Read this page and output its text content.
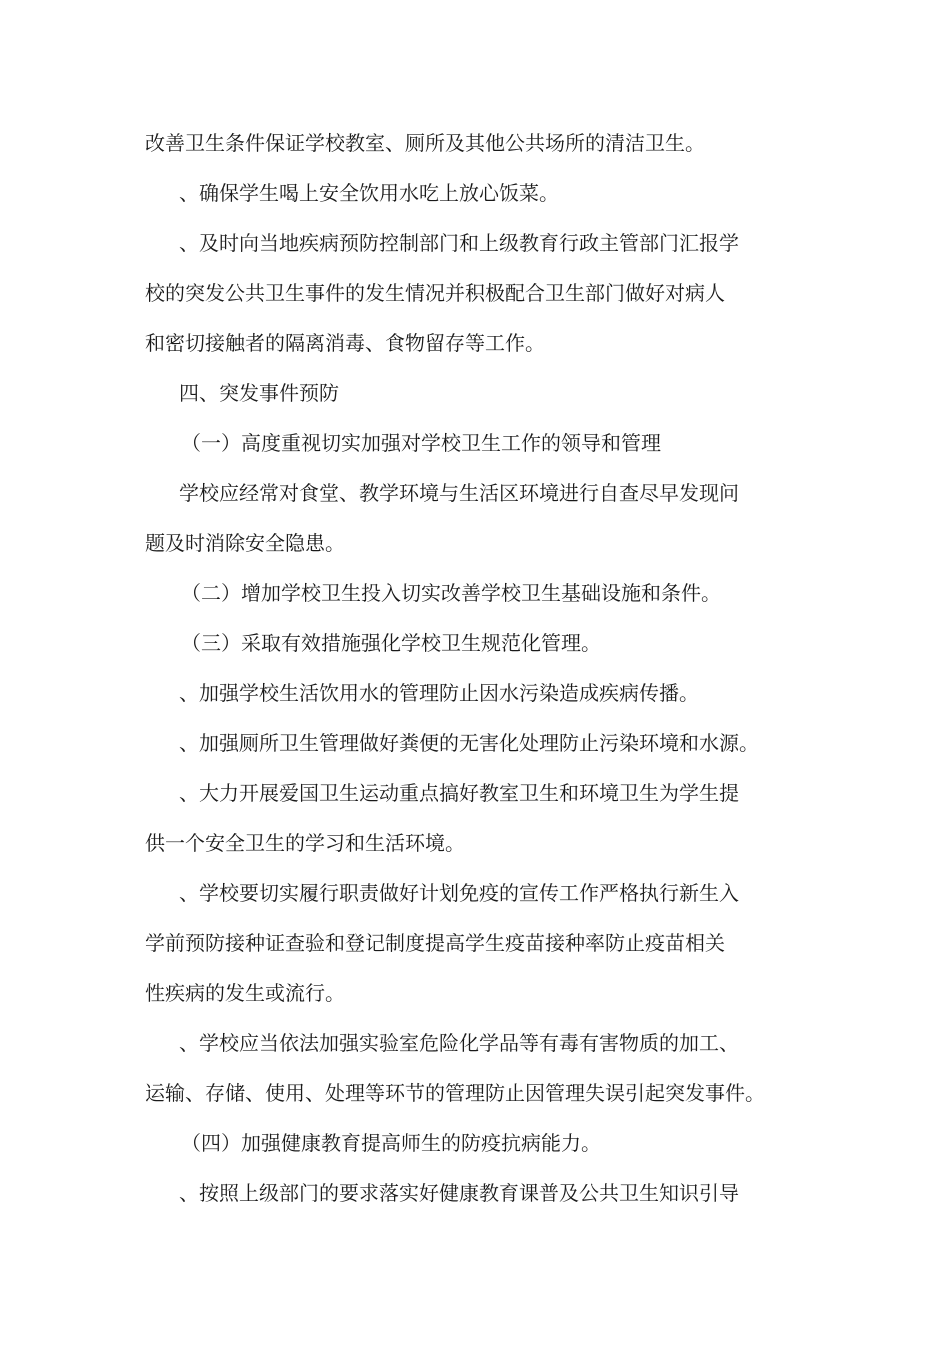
改善卫生条件保证学校教室、厕所及其他公共场所的清洁卫生。
、确保学生喝上安全饮用水吃上放心饭菜。
、及时向当地疾病预防控制部门和上级教育行政主管部门汇报学
校的突发公共卫生事件的发生情况并积极配合卫生部门做好对病人
和密切接触者的隔离消毒、食物留存等工作。
四、突发事件预防
（一）高度重视切实加强对学校卫生工作的领导和管理
学校应经常对食堂、教学环境与生活区环境进行自查尽早发现问
题及时消除安全隐患。
（二）增加学校卫生投入切实改善学校卫生基础设施和条件。
（三）采取有效措施强化学校卫生规范化管理。
、加强学校生活饮用水的管理防止因水污染造成疾病传播。
、加强厕所卫生管理做好粪便的无害化处理防止污染环境和水源。
、大力开展爱国卫生运动重点搞好教室卫生和环境卫生为学生提
供一个安全卫生的学习和生活环境。
、学校要切实履行职责做好计划免疫的宣传工作严格执行新生入
学前预防接种证查验和登记制度提高学生疫苗接种率防止疫苗相关
性疾病的发生或流行。
、学校应当依法加强实验室危险化学品等有毒有害物质的加工、
运输、存储、使用、处理等环节的管理防止因管理失误引起突发事件。
（四）加强健康教育提高师生的防疫抗病能力。
、按照上级部门的要求落实好健康教育课普及公共卫生知识引导
